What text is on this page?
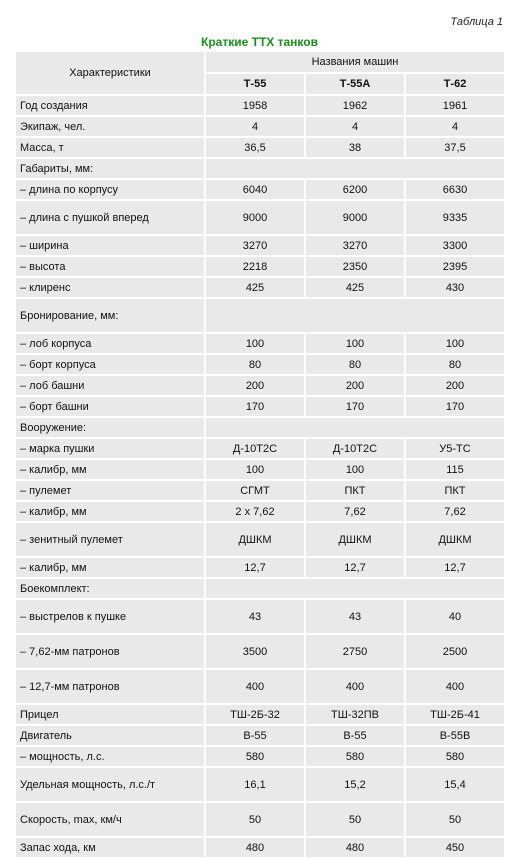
Таблица 1
Краткие ТТХ танков
Характеристики	Названия машин		
	Т-55	Т-55А	Т-62
Год создания	1958	1962	1961
Экипаж, чел.	4	4	4
Масса, т	36,5	38	37,5
Габариты, мм:			
– длина по корпусу	6040	6200	6630
– длина с пушкой вперед	9000	9000	9335
– ширина	3270	3270	3300
– высота	2218	2350	2395
– клиренс	425	425	430
Бронирование, мм:			
– лоб корпуса	100	100	100
– борт корпуса	80	80	80
– лоб башни	200	200	200
– борт башни	170	170	170
Вооружение:			
– марка пушки	Д-10Т2С	Д-10Т2С	У5-ТС
– калибр, мм	100	100	115
– пулемет	СГМТ	ПКТ	ПКТ
– калибр, мм	2 х 7,62	7,62	7,62
– зенитный пулемет	ДШКМ	ДШКМ	ДШКМ
– калибр, мм	12,7	12,7	12,7
Боекомплект:			
– выстрелов к пушке	43	43	40
– 7,62-мм патронов	3500	2750	2500
– 12,7-мм патронов	400	400	400
Прицел	ТШ-2Б-32	ТШ-32ПВ	ТШ-2Б-41
Двигатель	В-55	В-55	В-55В
– мощность, л.с.	580	580	580
Удельная мощность, л.с./т	16,1	15,2	15,4
Скорость, max, км/ч	50	50	50
Запас хода, км	480	480	450
